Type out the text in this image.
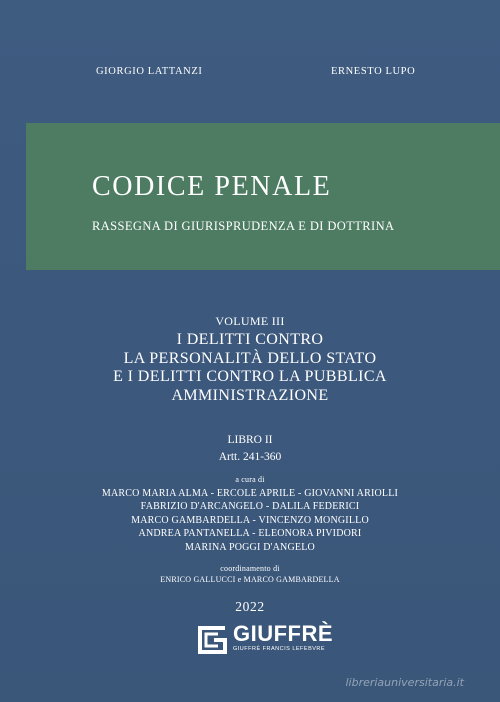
GIORGIO LATTANZI	ERNESTO LUPO
CODICE PENALE
RASSEGNA DI GIURISPRUDENZA E DI DOTTRINA
VOLUME III
I DELITTI CONTRO
LA PERSONALITÀ DELLO STATO
E I DELITTI CONTRO LA PUBBLICA
AMMINISTRAZIONE
LIBRO II
Artt. 241-360
a cura di
MARCO MARIA ALMA - ERCOLE APRILE - GIOVANNI ARIOLLI
FABRIZIO D'ARCANGELO - DALILA FEDERICI
MARCO GAMBARDELLA - VINCENZO MONGILLO
ANDREA PANTANELLA - ELEONORA PIVIDORI
MARINA POGGI D'ANGELO
coordinamento di
ENRICO GALLUCCI e MARCO GAMBARDELLA
2022
GIUFFRÈ
GIUFFRÈ FRANCIS LEFEBVRE
libreriauniversitaria.it
